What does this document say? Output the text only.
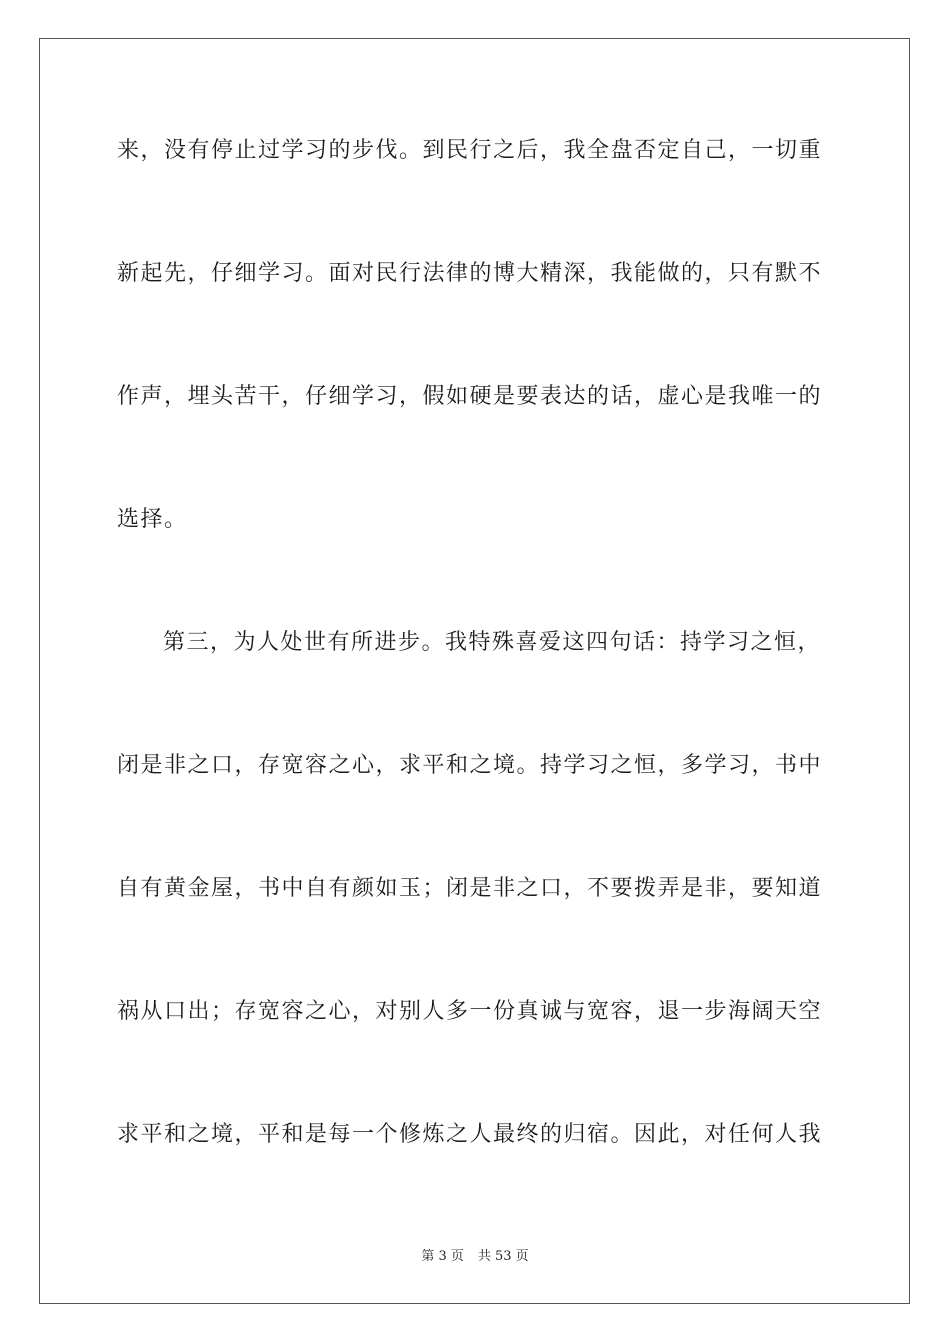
来，没有停止过学习的步伐。到民行之后，我全盘否定自己，一切重
新起先，仔细学习。面对民行法律的博大精深，我能做的，只有默不
作声，埋头苦干，仔细学习，假如硬是要表达的话，虚心是我唯一的
选择。
第三，为人处世有所进步。我特殊喜爱这四句话：持学习之恒，
闭是非之口，存宽容之心，求平和之境。持学习之恒，多学习，书中
自有黄金屋，书中自有颜如玉；闭是非之口，不要拨弄是非，要知道
祸从口出；存宽容之心，对别人多一份真诚与宽容，退一步海阔天空
求平和之境，平和是每一个修炼之人最终的归宿。因此，对任何人我
第 3 页 共 53 页
